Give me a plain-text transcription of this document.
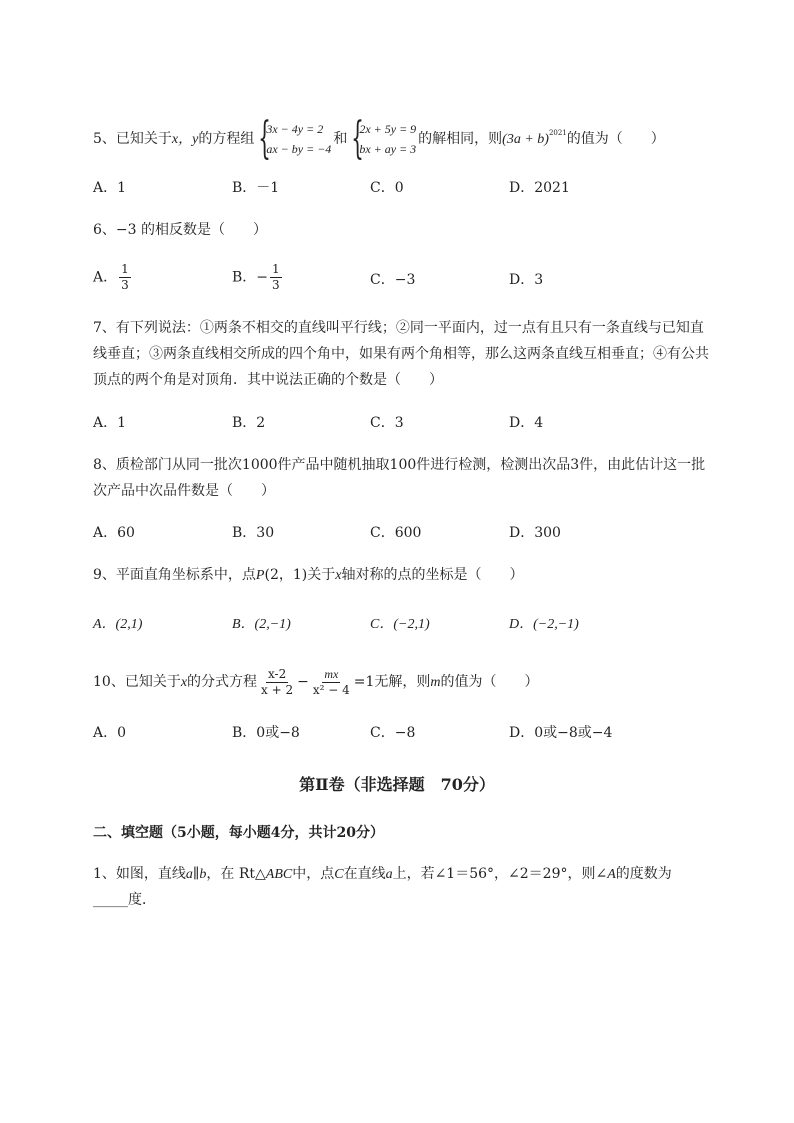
5、已知关于x，y的方程组 {
3x − 4y = 2
ax − by = −4
和 {
2x + 5y = 9
bx + ay = 3
的解相同，则$(3a + b)^{2021}$的值为（　　）
A．1	B．－1	C．0	D．2021
6、−3 的相反数是（　　）
A． $\frac{1}{3}$	B．− $\frac{1}{3}$	C．−3	D．3
7、有下列说法：①两条不相交的直线叫平行线；②同一平面内，过一点有且只有一条直线与已知直
线垂直；③两条直线相交所成的四个角中，如果有两个角相等，那么这两条直线互相垂直；④有公共
顶点的两个角是对顶角．其中说法正确的个数是（　　）
A．1	B．2	C．3	D．4
8、质检部门从同一批次1000件产品中随机抽取100件进行检测，检测出次品3件，由此估计这一批
次产品中次品件数是（　　）
A．60	B．30	C．600	D．300
9、平面直角坐标系中，点P(2，1)关于x轴对称的点的坐标是（　　）
A．(2,1)	B．(2,−1)	C．(−2,1)	D．(−2,−1)
10、已知关于x的分式方程 $\frac{x-2}{x + 2} - \frac{mx}{\text{x² − 4}} =1$无解，则m的值为（　　）
A．0	B．0或−8	C．−8	D．0或−8或−4
第Ⅱ卷（非选择题　70分）
二、填空题（5小题，每小题4分，共计20分）
1、如图，直线a∥b，在 Rt△ABC中，点C在直线a上，若∠1＝56°，∠2＝29°，则∠A的度数为
_____度．
